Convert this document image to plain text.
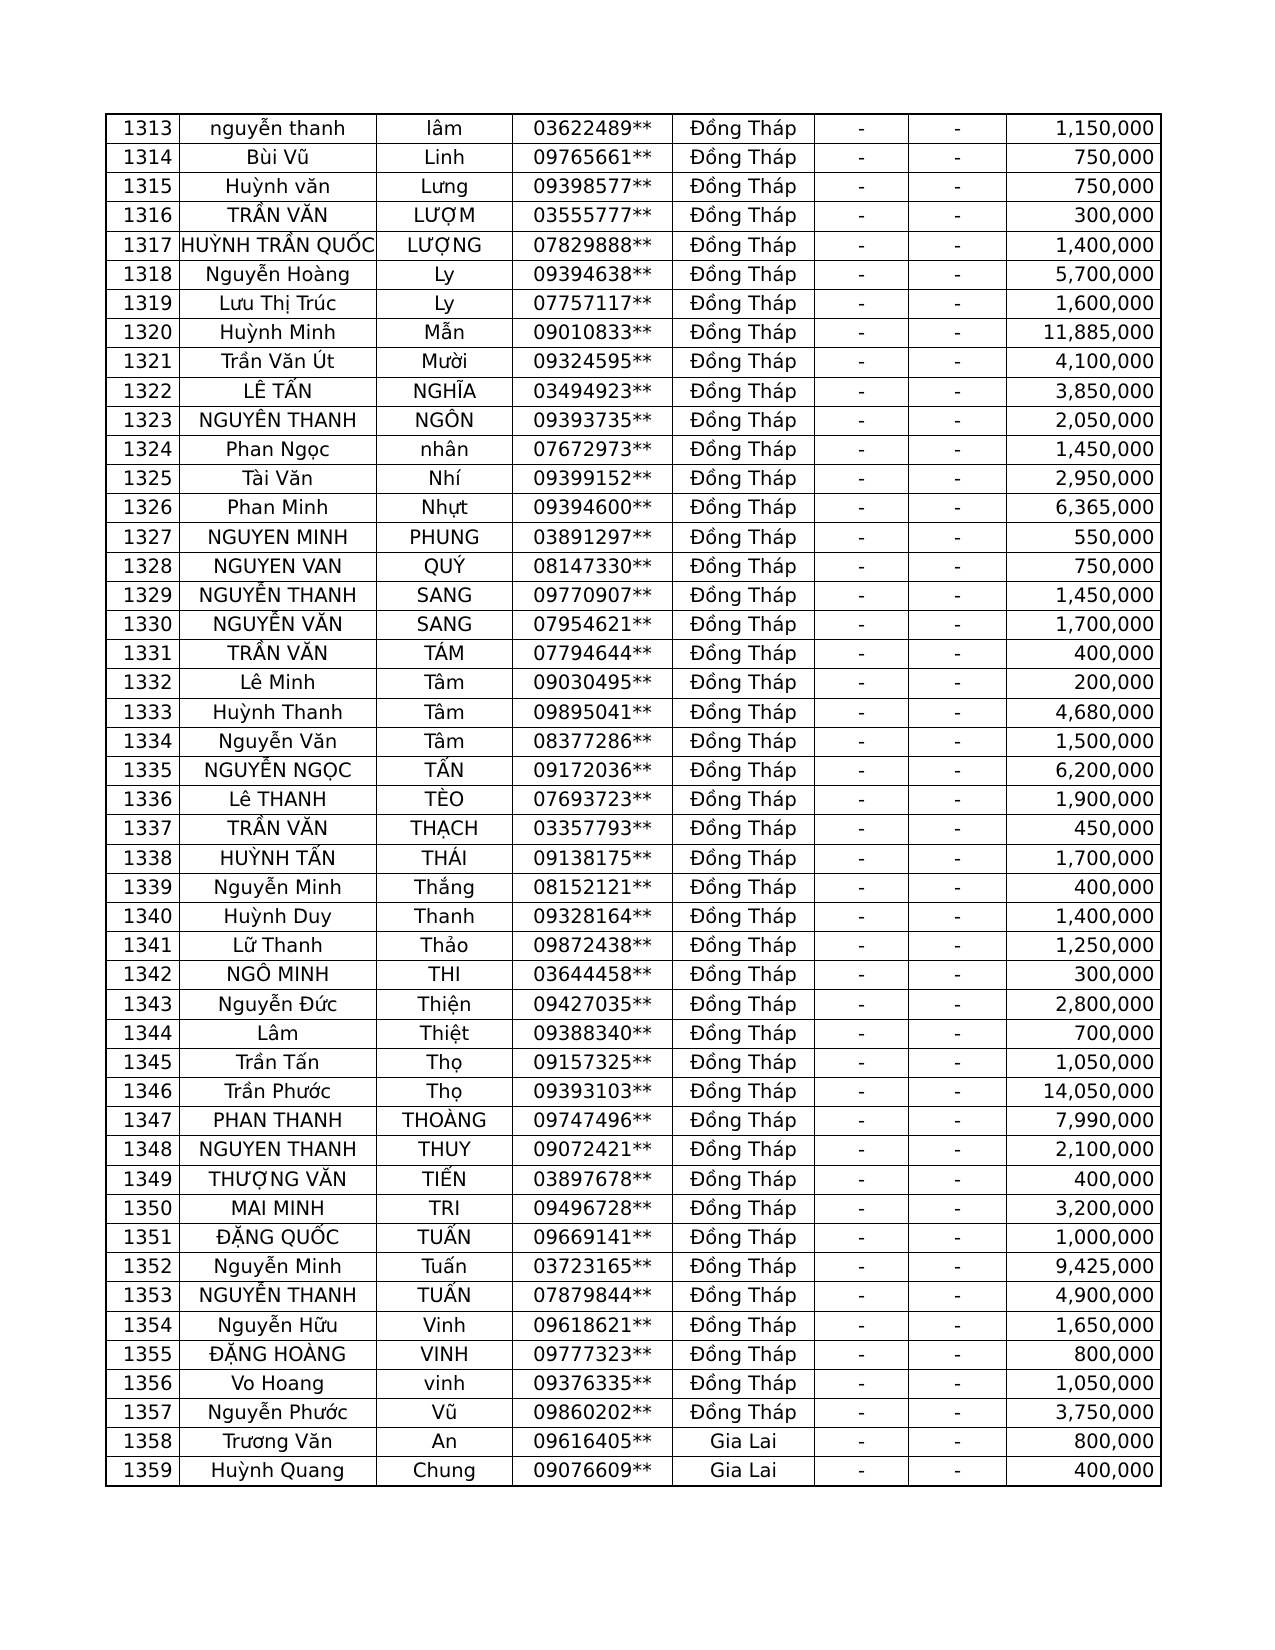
1313	nguyễn thanh	lâm	03622489**	Đồng Tháp	-	-	1,150,000
1314	Bùi Vũ	Linh	09765661**	Đồng Tháp	-	-	750,000
1315	Huỳnh văn	Lưng	09398577**	Đồng Tháp	-	-	750,000
1316	TRẦN VĂN	LƯỢM	03555777**	Đồng Tháp	-	-	300,000
1317	HUỲNH TRẦN QUỐC	LƯỢNG	07829888**	Đồng Tháp	-	-	1,400,000
1318	Nguyễn Hoàng	Ly	09394638**	Đồng Tháp	-	-	5,700,000
1319	Lưu Thị Trúc	Ly	07757117**	Đồng Tháp	-	-	1,600,000
1320	Huỳnh Minh	Mẫn	09010833**	Đồng Tháp	-	-	11,885,000
1321	Trần Văn Út	Mười	09324595**	Đồng Tháp	-	-	4,100,000
1322	LÊ TẤN	NGHĨA	03494923**	Đồng Tháp	-	-	3,850,000
1323	NGUYÊN THANH	NGÔN	09393735**	Đồng Tháp	-	-	2,050,000
1324	Phan Ngọc	nhân	07672973**	Đồng Tháp	-	-	1,450,000
1325	Tài Văn	Nhí	09399152**	Đồng Tháp	-	-	2,950,000
1326	Phan Minh	Nhựt	09394600**	Đồng Tháp	-	-	6,365,000
1327	NGUYEN MINH	PHUNG	03891297**	Đồng Tháp	-	-	550,000
1328	NGUYEN VAN	QUÝ	08147330**	Đồng Tháp	-	-	750,000
1329	NGUYỄN THANH	SANG	09770907**	Đồng Tháp	-	-	1,450,000
1330	NGUYỄN VĂN	SANG	07954621**	Đồng Tháp	-	-	1,700,000
1331	TRẦN VĂN	TÁM	07794644**	Đồng Tháp	-	-	400,000
1332	Lê Minh	Tâm	09030495**	Đồng Tháp	-	-	200,000
1333	Huỳnh Thanh	Tâm	09895041**	Đồng Tháp	-	-	4,680,000
1334	Nguyễn Văn	Tâm	08377286**	Đồng Tháp	-	-	1,500,000
1335	NGUYỄN NGỌC	TẤN	09172036**	Đồng Tháp	-	-	6,200,000
1336	Lê THANH	TÈO	07693723**	Đồng Tháp	-	-	1,900,000
1337	TRẦN VĂN	THẠCH	03357793**	Đồng Tháp	-	-	450,000
1338	HUỲNH TẤN	THÁI	09138175**	Đồng Tháp	-	-	1,700,000
1339	Nguyễn Minh	Thắng	08152121**	Đồng Tháp	-	-	400,000
1340	Huỳnh Duy	Thanh	09328164**	Đồng Tháp	-	-	1,400,000
1341	Lữ Thanh	Thảo	09872438**	Đồng Tháp	-	-	1,250,000
1342	NGÔ MINH	THI	03644458**	Đồng Tháp	-	-	300,000
1343	Nguyễn Đức	Thiện	09427035**	Đồng Tháp	-	-	2,800,000
1344	Lâm	Thiệt	09388340**	Đồng Tháp	-	-	700,000
1345	Trần Tấn	Thọ	09157325**	Đồng Tháp	-	-	1,050,000
1346	Trần Phước	Thọ	09393103**	Đồng Tháp	-	-	14,050,000
1347	PHAN THANH	THOÀNG	09747496**	Đồng Tháp	-	-	7,990,000
1348	NGUYEN THANH	THUY	09072421**	Đồng Tháp	-	-	2,100,000
1349	THƯỢNG VĂN	TIẾN	03897678**	Đồng Tháp	-	-	400,000
1350	MAI MINH	TRI	09496728**	Đồng Tháp	-	-	3,200,000
1351	ĐẶNG QUỐC	TUẤN	09669141**	Đồng Tháp	-	-	1,000,000
1352	Nguyễn Minh	Tuấn	03723165**	Đồng Tháp	-	-	9,425,000
1353	NGUYỄN THANH	TUẤN	07879844**	Đồng Tháp	-	-	4,900,000
1354	Nguyễn Hữu	Vinh	09618621**	Đồng Tháp	-	-	1,650,000
1355	ĐẶNG HOÀNG	VINH	09777323**	Đồng Tháp	-	-	800,000
1356	Vo Hoang	vinh	09376335**	Đồng Tháp	-	-	1,050,000
1357	Nguyễn Phước	Vũ	09860202**	Đồng Tháp	-	-	3,750,000
1358	Trương Văn	An	09616405**	Gia Lai	-	-	800,000
1359	Huỳnh Quang	Chung	09076609**	Gia Lai	-	-	400,000
